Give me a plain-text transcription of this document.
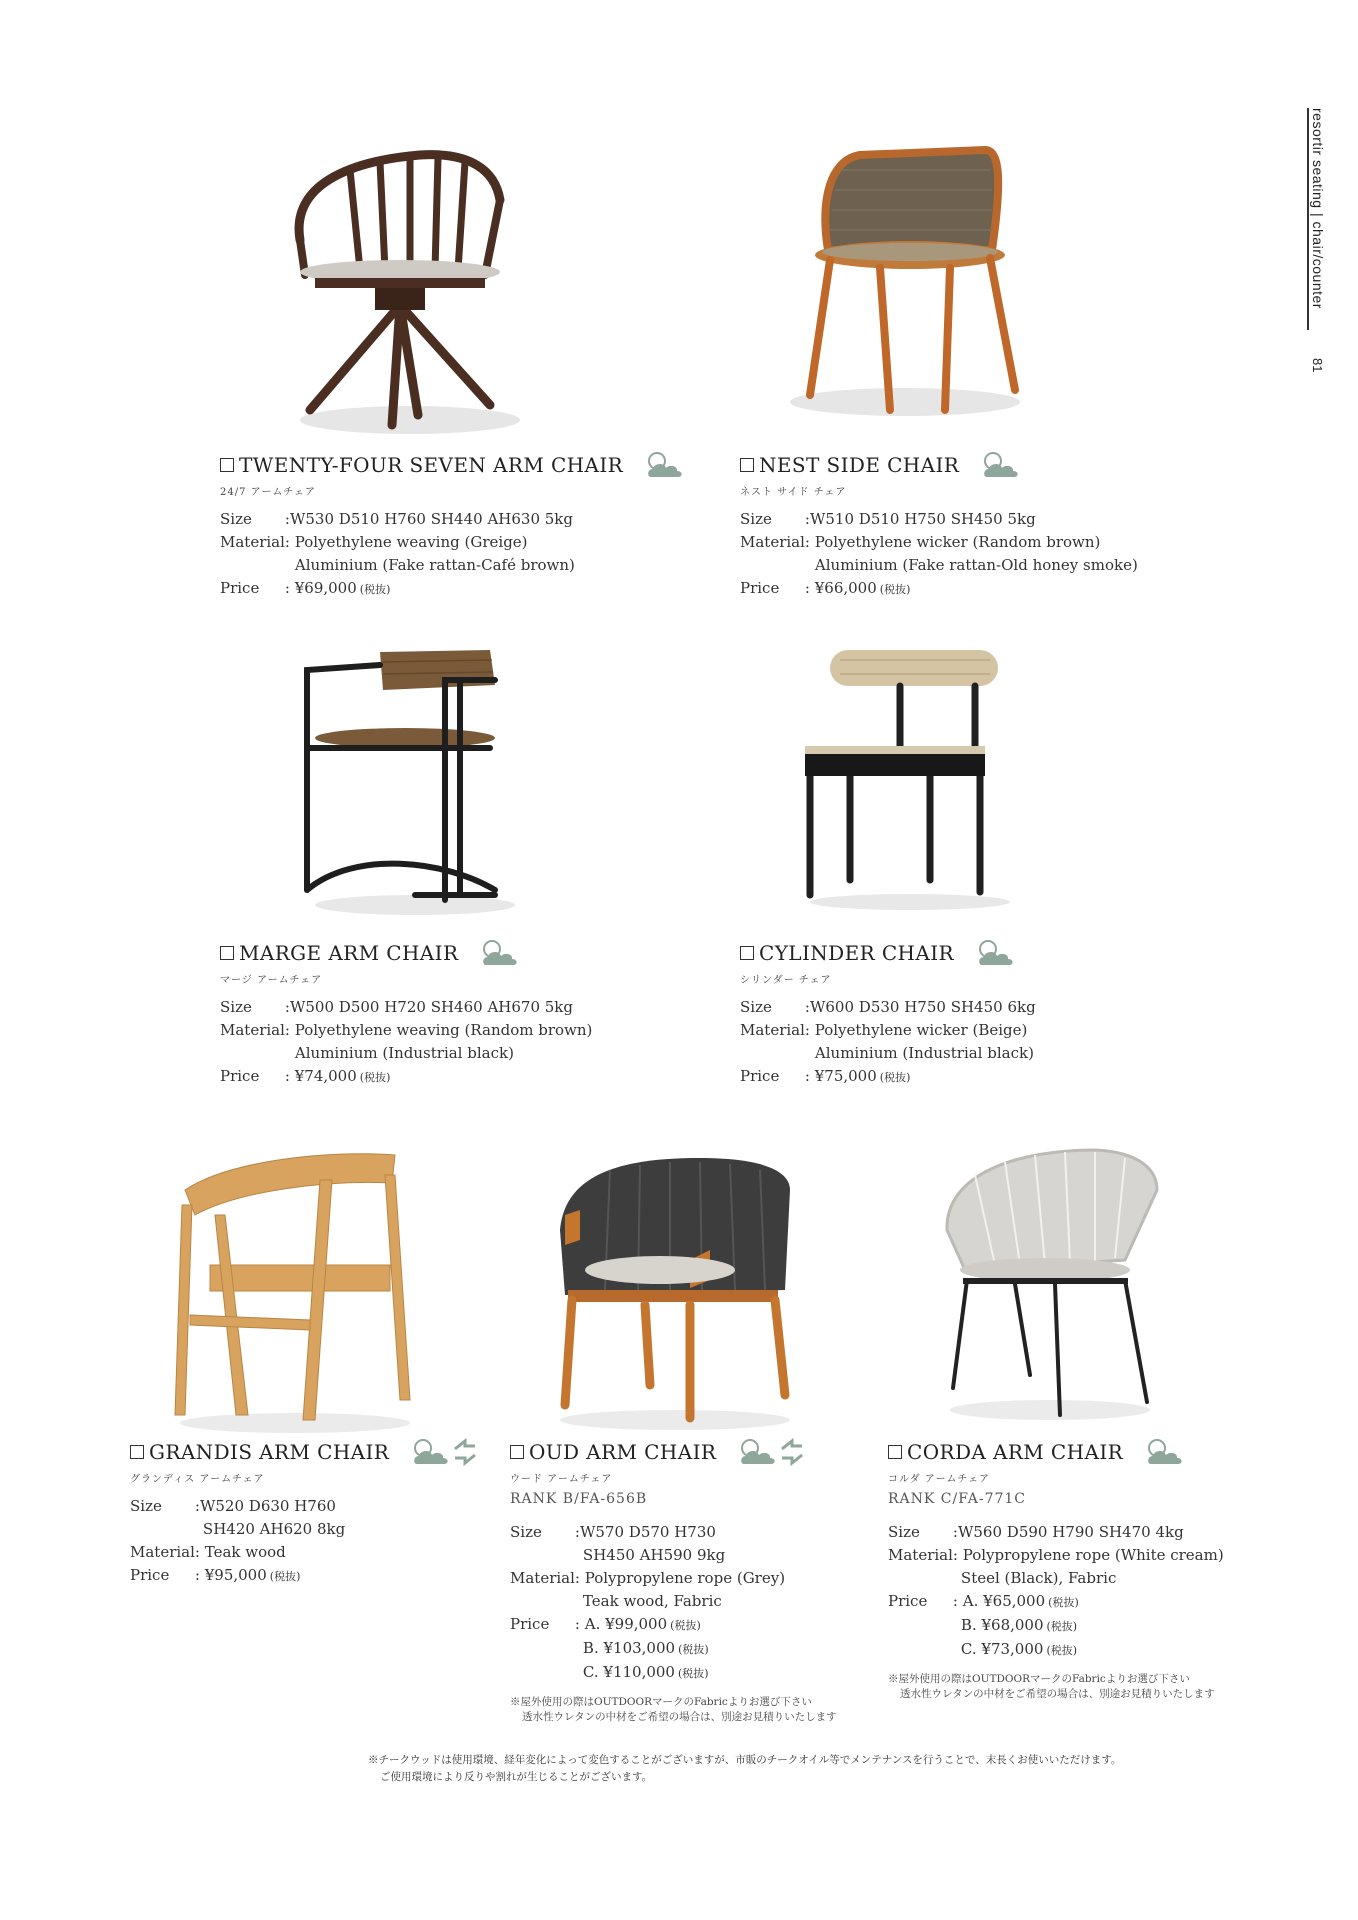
resortir seating | chair/counter
81
TWENTY-FOUR SEVEN ARM CHAIR
24/7 アームチェア
Size	:W530 D510 H760 SH440 AH630 5kg
Material	: Polyethylene weaving (Greige)
	Aluminium (Fake rattan-Café brown)
Price	: ¥69,000 (税抜)
NEST SIDE CHAIR
ネスト サイド チェア
Size	:W510 D510 H750 SH450 5kg
Material	: Polyethylene wicker (Random brown)
	Aluminium (Fake rattan-Old honey smoke)
Price	: ¥66,000 (税抜)
MARGE ARM CHAIR
マージ アームチェア
Size	:W500 D500 H720 SH460 AH670 5kg
Material	: Polyethylene weaving (Random brown)
	Aluminium (Industrial black)
Price	: ¥74,000 (税抜)
CYLINDER CHAIR
シリンダー チェア
Size	:W600 D530 H750 SH450 6kg
Material	: Polyethylene wicker (Beige)
	Aluminium (Industrial black)
Price	: ¥75,000 (税抜)
GRANDIS ARM CHAIR
グランディス アームチェア
Size	:W520 D630 H760
	SH420 AH620 8kg
Material	: Teak wood
Price	: ¥95,000 (税抜)
OUD ARM CHAIR
ウード アームチェア
RANK B/FA-656B
Size	:W570 D570 H730
	SH450 AH590 9kg
Material	: Polypropylene rope (Grey)
	Teak wood, Fabric
Price	: A. ¥99,000 (税抜)
	B. ¥103,000 (税抜)
	C. ¥110,000 (税抜)
※屋外使用の際はOUTDOORマークのFabricよりお選び下さい
透水性ウレタンの中材をご希望の場合は、別途お見積りいたします
CORDA ARM CHAIR
コルダ アームチェア
RANK C/FA-771C
Size	:W560 D590 H790 SH470 4kg
Material	: Polypropylene rope (White cream)
	Steel (Black), Fabric
Price	: A. ¥65,000 (税抜)
	B. ¥68,000 (税抜)
	C. ¥73,000 (税抜)
※屋外使用の際はOUTDOORマークのFabricよりお選び下さい
透水性ウレタンの中材をご希望の場合は、別途お見積りいたします
※チークウッドは使用環境、経年変化によって変色することがございますが、市販のチークオイル等でメンテナンスを行うことで、末長くお使いいただけます。
ご使用環境により反りや割れが生じることがございます。
